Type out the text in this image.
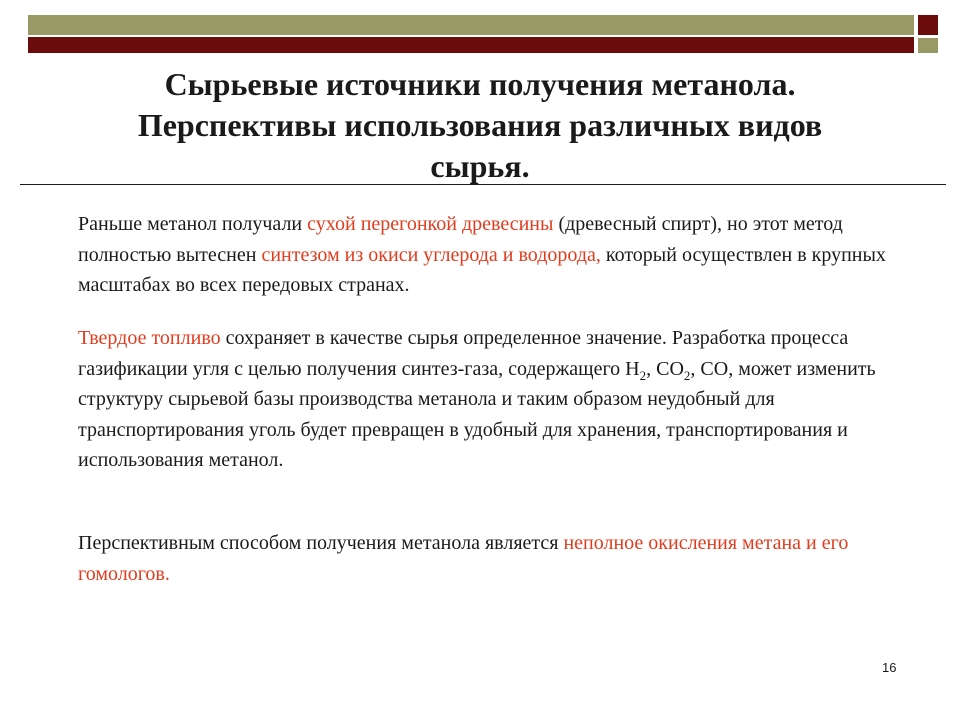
Сырьевые источники получения метанола.
Перспективы использования различных видов
сырья.

Раньше метанол получали сухой перегонкой древесины (древесный спирт), но этот метод полностью вытеснен синтезом из окиси углерода и водорода, который осуществлен в крупных масштабах во всех передовых странах.

Твердое топливо сохраняет в качестве сырья определенное значение. Разработка процесса газификации угля с целью получения синтез-газа, содержащего $Н_2$, $СО_2$, СО, может изменить структуру сырьевой базы производства метанола и таким образом неудобный для транспортирования уголь будет превращен в удобный для хранения, транспортирования и использования метанол.

Перспективным способом получения метанола является неполное окисления метана и его гомологов.

16
